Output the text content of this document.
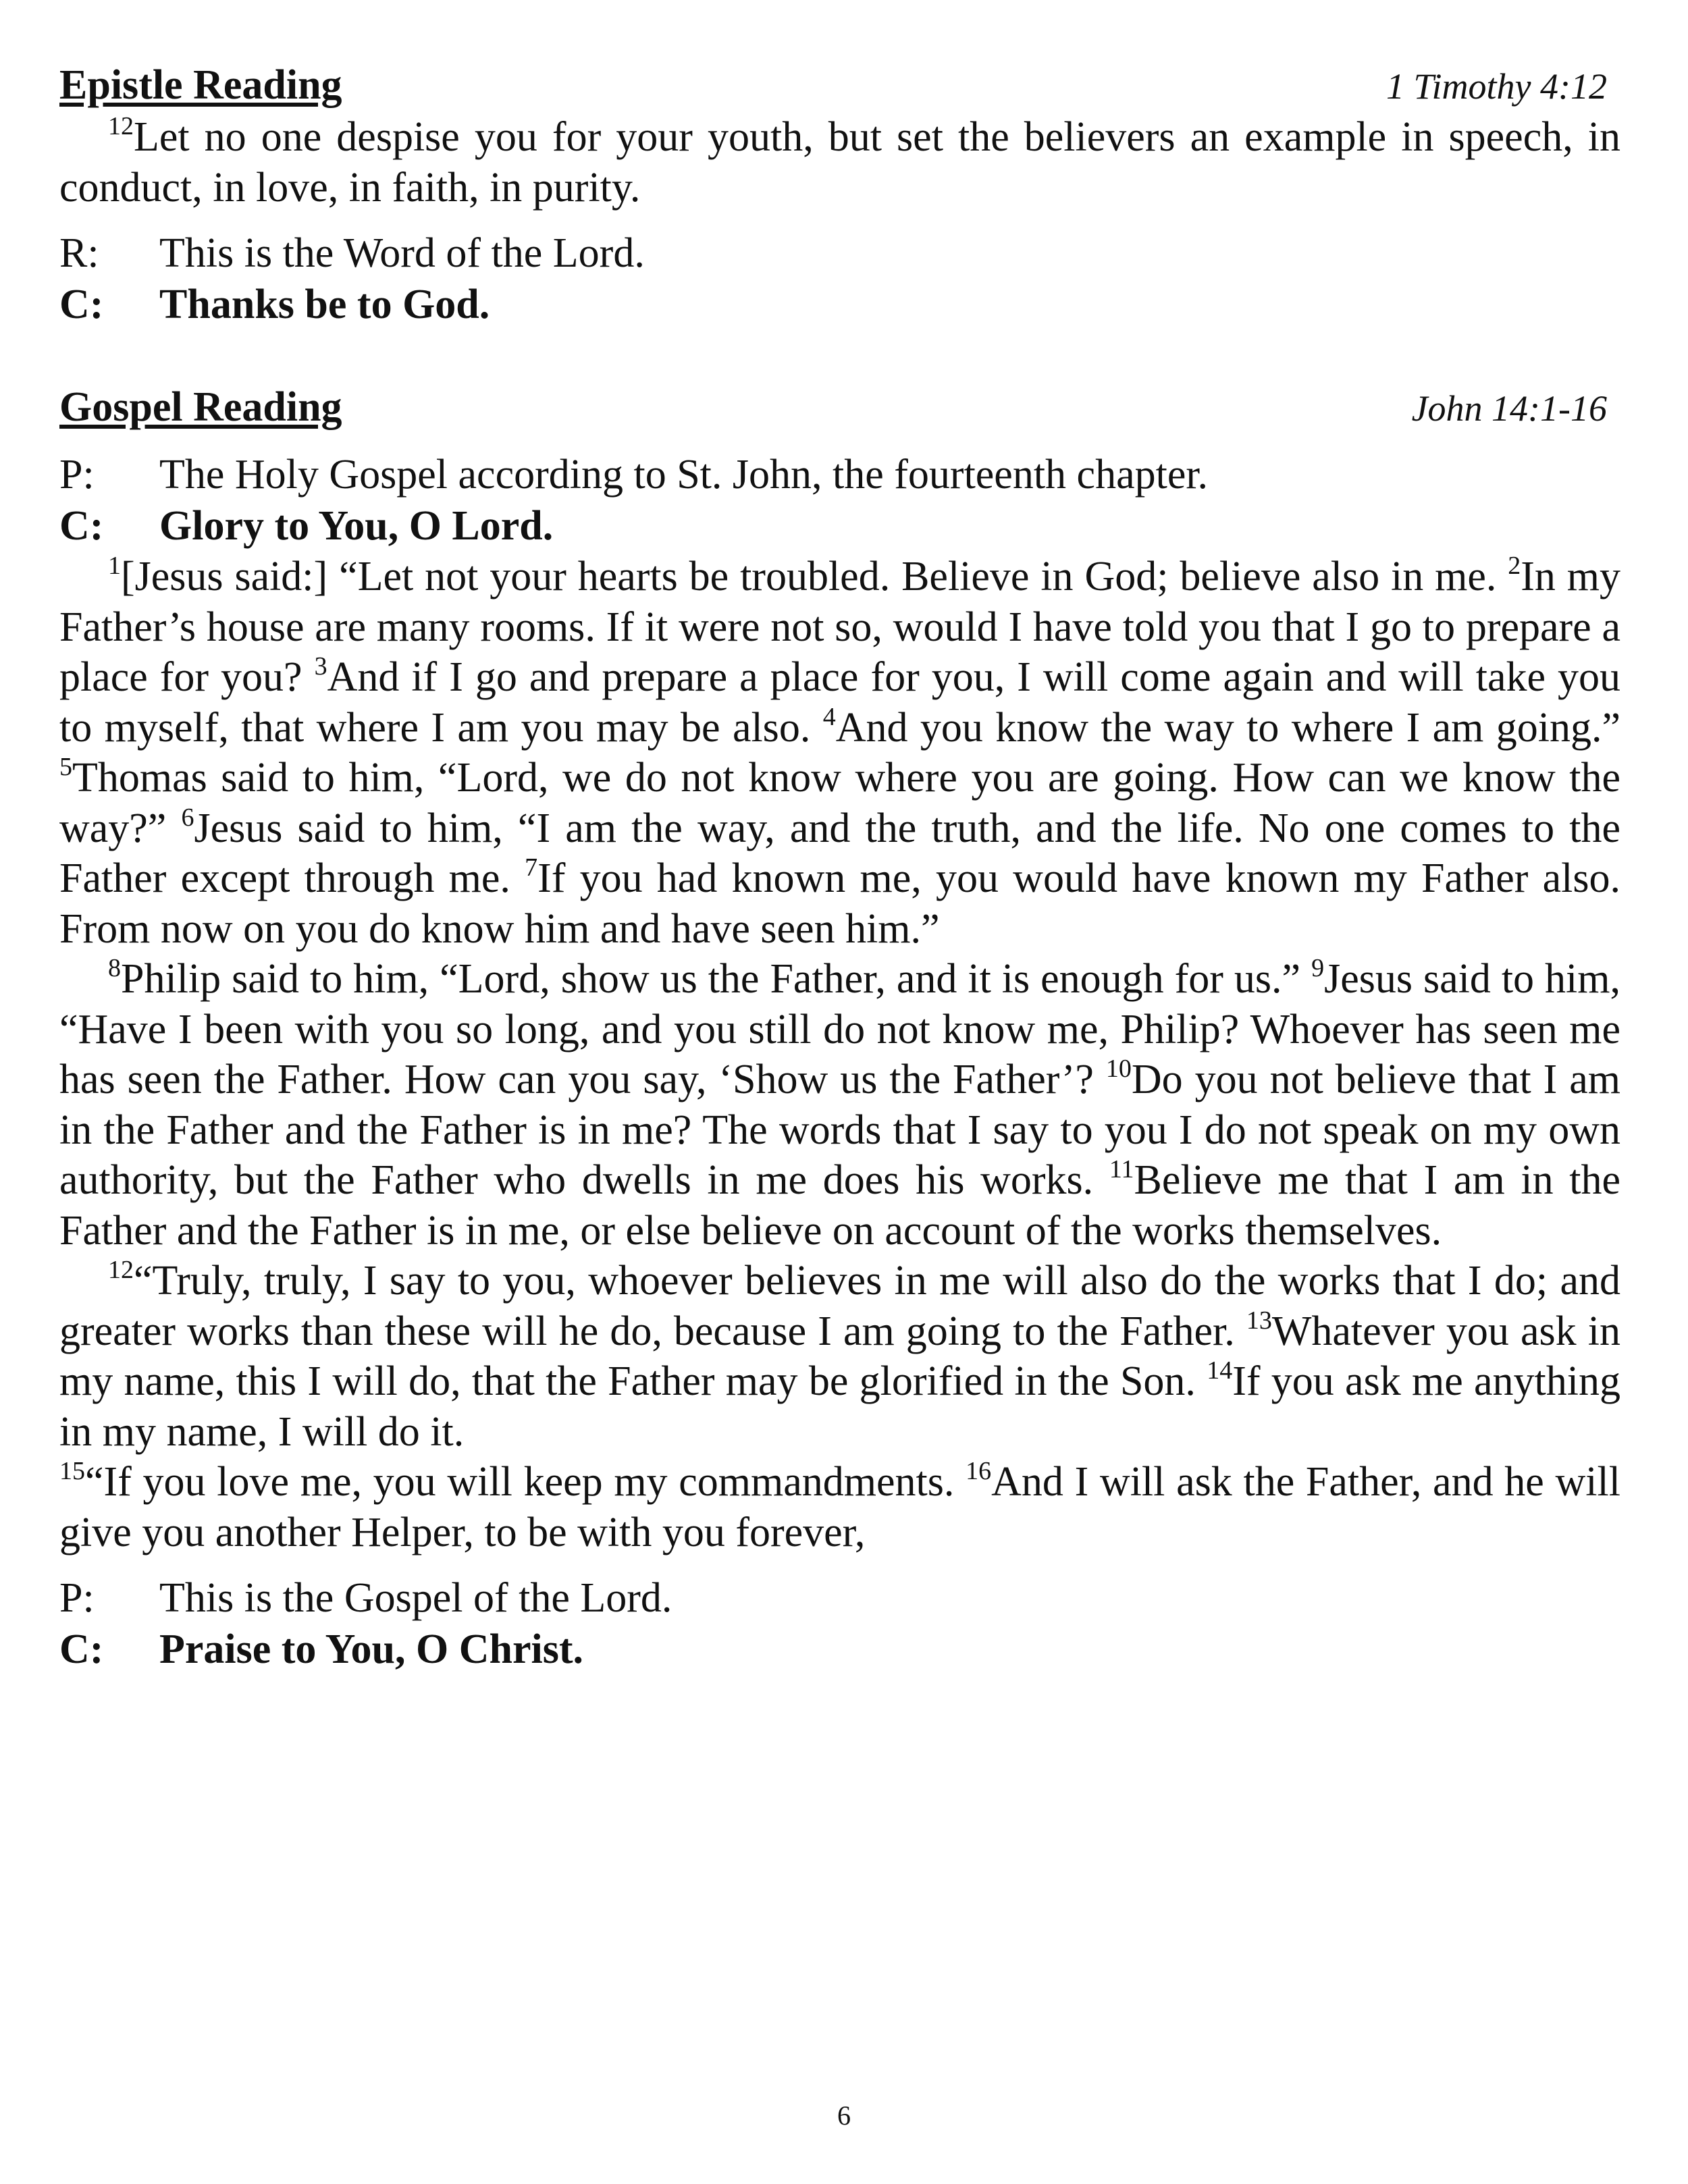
Epistle Reading	1 Timothy 4:12

$^{12}$Let no one despise you for your youth, but set the believers an example in speech, in conduct, in love, in faith, in purity.

R:	This is the Word of the Lord.
C:	Thanks be to God.
Gospel Reading	John 14:1-16
P:	The Holy Gospel according to St. John, the fourteenth chapter.
C:	Glory to You, O Lord.

$^1$[Jesus said:] “Let not your hearts be troubled. Believe in God; believe also in me. $^2$In my Father’s house are many rooms. If it were not so, would I have told you that I go to prepare a place for you? $^3$And if I go and prepare a place for you, I will come again and will take you to myself, that where I am you may be also. $^4$And you know the way to where I am going.” $^5$Thomas said to him, “Lord, we do not know where you are going. How can we know the way?” $^6$Jesus said to him, “I am the way, and the truth, and the life. No one comes to the Father except through me. $^7$If you had known me, you would have known my Father also. From now on you do know him and have seen him.”

$^8$Philip said to him, “Lord, show us the Father, and it is enough for us.” $^9$Jesus said to him, “Have I been with you so long, and you still do not know me, Philip? Whoever has seen me has seen the Father. How can you say, ‘Show us the Father’? $^{10}$Do you not believe that I am in the Father and the Father is in me? The words that I say to you I do not speak on my own authority, but the Father who dwells in me does his works. $^{11}$Believe me that I am in the Father and the Father is in me, or else believe on account of the works themselves.

$^{12}$“Truly, truly, I say to you, whoever believes in me will also do the works that I do; and greater works than these will he do, because I am going to the Father. $^{13}$Whatever you ask in my name, this I will do, that the Father may be glorified in the Son. $^{14}$If you ask me anything in my name, I will do it.

$^{15}$“If you love me, you will keep my commandments. $^{16}$And I will ask the Father, and he will give you another Helper, to be with you forever,

P:	This is the Gospel of the Lord.
C:	Praise to You, O Christ.
6
